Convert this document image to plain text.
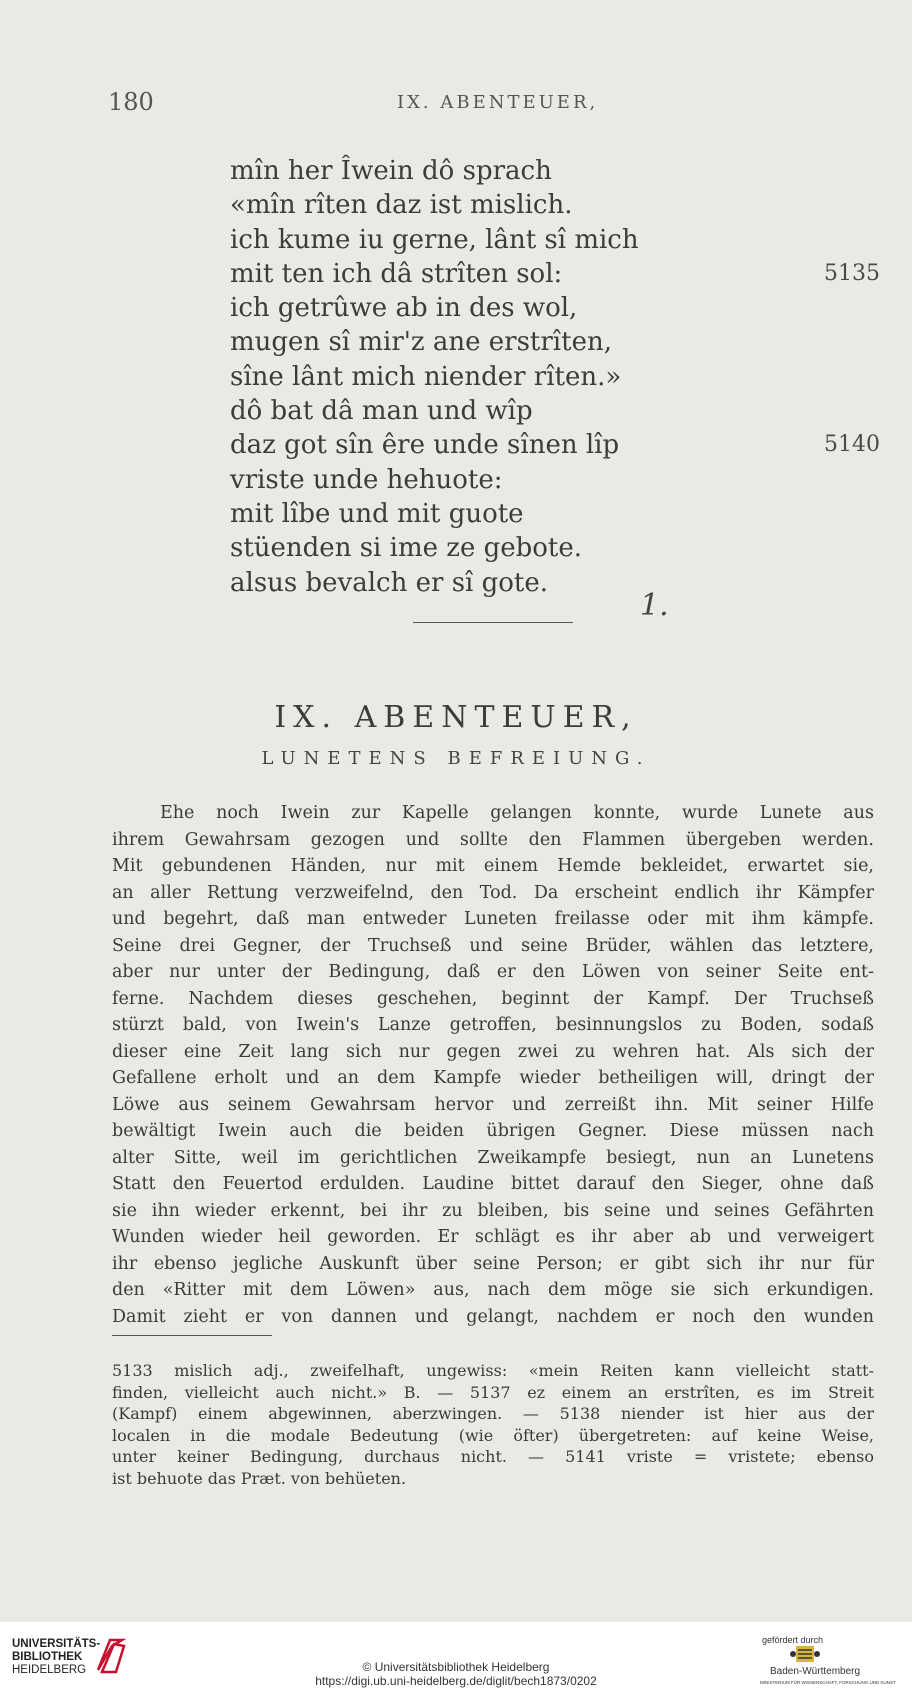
180	IX. ABENTEUER,
mîn her Îwein dô sprach
«mîn rîten daz ist mislich.
ich kume iu gerne, lânt sî mich
mit ten ich dâ strîten sol:	5135
ich getrûwe ab in des wol,
mugen sî mir'z ane erstrîten,
sîne lânt mich niender rîten.»
dô bat dâ man und wîp
daz got sîn êre unde sînen lîp	5140
vriste unde hehuote:
mit lîbe und mit guote
stüenden si ime ze gebote.
alsus bevalch er sî gote.
1.
IX. ABENTEUER,
LUNETENS BEFREIUNG.
Ehe noch Iwein zur Kapelle gelangen konnte, wurde Lunete aus
ihrem Gewahrsam gezogen und sollte den Flammen übergeben werden.
Mit gebundenen Händen, nur mit einem Hemde bekleidet, erwartet sie,
an aller Rettung verzweifelnd, den Tod. Da erscheint endlich ihr Kämpfer
und begehrt, daß man entweder Luneten freilasse oder mit ihm kämpfe.
Seine drei Gegner, der Truchseß und seine Brüder, wählen das letztere,
aber nur unter der Bedingung, daß er den Löwen von seiner Seite ent-
ferne. Nachdem dieses geschehen, beginnt der Kampf. Der Truchseß
stürzt bald, von Iwein's Lanze getroffen, besinnungslos zu Boden, sodaß
dieser eine Zeit lang sich nur gegen zwei zu wehren hat. Als sich der
Gefallene erholt und an dem Kampfe wieder betheiligen will, dringt der
Löwe aus seinem Gewahrsam hervor und zerreißt ihn. Mit seiner Hilfe
bewältigt Iwein auch die beiden übrigen Gegner. Diese müssen nach
alter Sitte, weil im gerichtlichen Zweikampfe besiegt, nun an Lunetens
Statt den Feuertod erdulden. Laudine bittet darauf den Sieger, ohne daß
sie ihn wieder erkennt, bei ihr zu bleiben, bis seine und seines Gefährten
Wunden wieder heil geworden. Er schlägt es ihr aber ab und verweigert
ihr ebenso jegliche Auskunft über seine Person; er gibt sich ihr nur für
den «Ritter mit dem Löwen» aus, nach dem möge sie sich erkundigen.
Damit zieht er von dannen und gelangt, nachdem er noch den wunden
5133 mislich adj., zweifelhaft, ungewiss: «mein Reiten kann vielleicht statt-
finden, vielleicht auch nicht.» B. — 5137 ez einem an erstrîten, es im Streit
(Kampf) einem abgewinnen, aberzwingen. — 5138 niender ist hier aus der
localen in die modale Bedeutung (wie öfter) übergetreten: auf keine Weise,
unter keiner Bedingung, durchaus nicht. — 5141 vriste = vristete; ebenso
ist behuote das Præt. von behüeten.
UNIVERSITÄTS-
BIBLIOTHEK
HEIDELBERG	© Universitätsbibliothek Heidelberg
https://digi.ub.uni-heidelberg.de/diglit/bech1873/0202
gefördert durch
Baden-Württemberg
MINISTERIUM FÜR WISSENSCHAFT, FORSCHUNG UND KUNST
